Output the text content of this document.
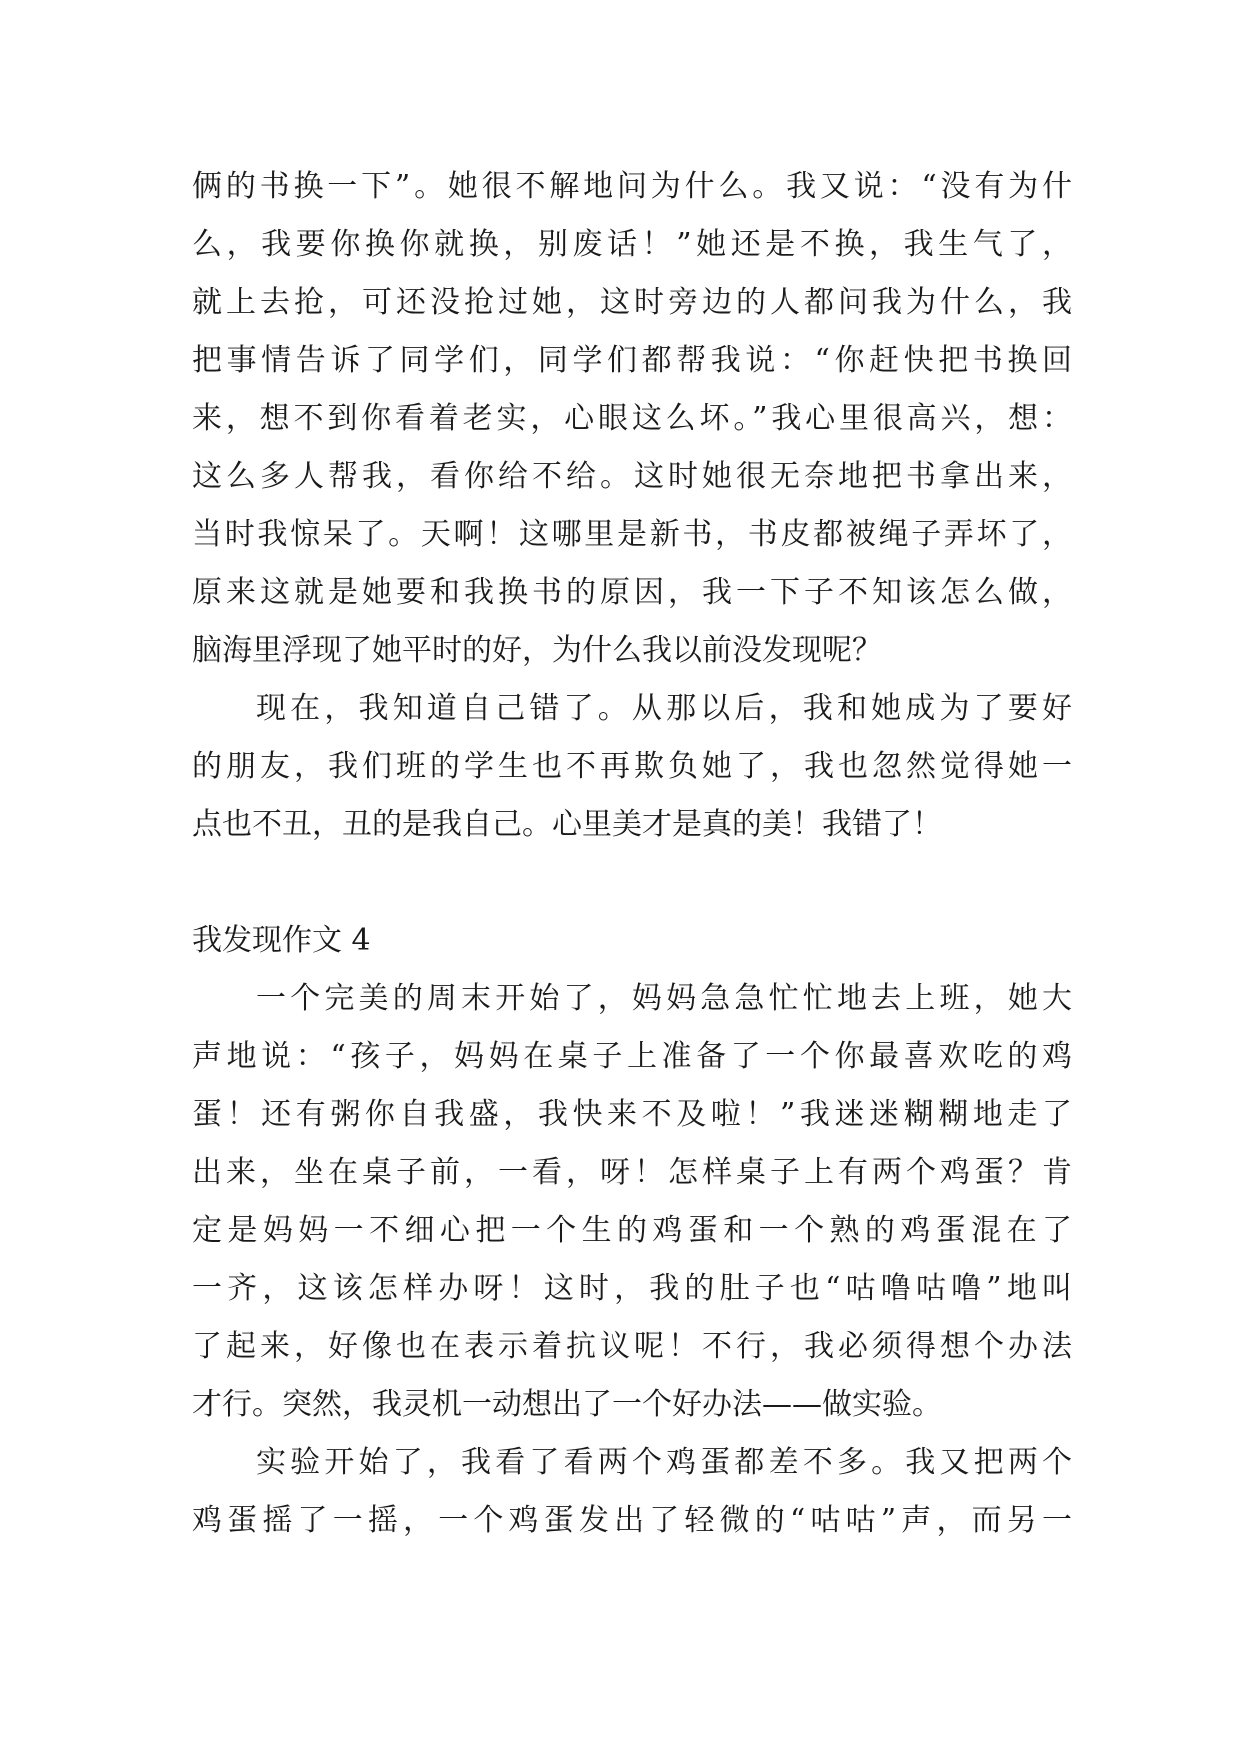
俩的书换一下”。她很不解地问为什么。我又说：“没有为什
么，我要你换你就换，别废话！”她还是不换，我生气了，
就上去抢，可还没抢过她，这时旁边的人都问我为什么，我
把事情告诉了同学们，同学们都帮我说：“你赶快把书换回
来，想不到你看着老实，心眼这么坏。”我心里很高兴，想：
这么多人帮我，看你给不给。这时她很无奈地把书拿出来，
当时我惊呆了。天啊！这哪里是新书，书皮都被绳子弄坏了，
原来这就是她要和我换书的原因，我一下子不知该怎么做，
脑海里浮现了她平时的好，为什么我以前没发现呢？
现在，我知道自己错了。从那以后，我和她成为了要好
的朋友，我们班的学生也不再欺负她了，我也忽然觉得她一
点也不丑，丑的是我自己。心里美才是真的美！我错了！
我发现作文 4
一个完美的周末开始了，妈妈急急忙忙地去上班，她大
声地说：“孩子，妈妈在桌子上准备了一个你最喜欢吃的鸡
蛋！还有粥你自我盛，我快来不及啦！”我迷迷糊糊地走了
出来，坐在桌子前，一看，呀！怎样桌子上有两个鸡蛋？肯
定是妈妈一不细心把一个生的鸡蛋和一个熟的鸡蛋混在了
一齐，这该怎样办呀！这时，我的肚子也“咕噜咕噜”地叫
了起来，好像也在表示着抗议呢！不行，我必须得想个办法
才行。突然，我灵机一动想出了一个好办法——做实验。
实验开始了，我看了看两个鸡蛋都差不多。我又把两个
鸡蛋摇了一摇，一个鸡蛋发出了轻微的“咕咕”声，而另一
